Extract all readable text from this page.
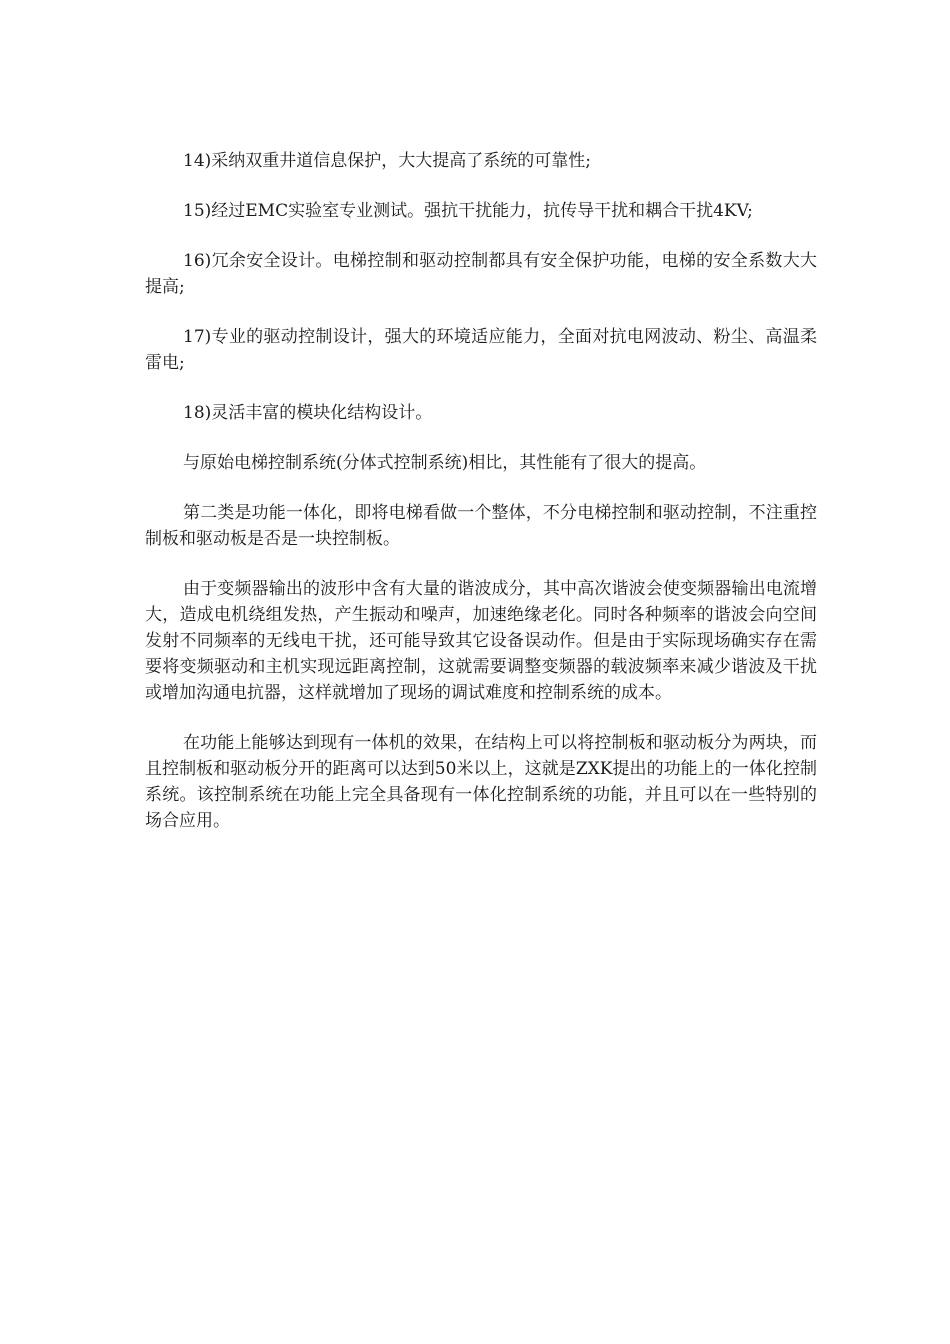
14)采纳双重井道信息保护，大大提高了系统的可靠性;

15)经过EMC实验室专业测试。强抗干扰能力，抗传导干扰和耦合干扰4KV;

16)冗余安全设计。电梯控制和驱动控制都具有安全保护功能，电梯的安全系数大大提高;

17)专业的驱动控制设计，强大的环境适应能力，全面对抗电网波动、粉尘、高温柔雷电;

18)灵活丰富的模块化结构设计。

与原始电梯控制系统(分体式控制系统)相比，其性能有了很大的提高。

第二类是功能一体化，即将电梯看做一个整体，不分电梯控制和驱动控制，不注重控制板和驱动板是否是一块控制板。

由于变频器输出的波形中含有大量的谐波成分，其中高次谐波会使变频器输出电流增大，造成电机绕组发热，产生振动和噪声，加速绝缘老化。同时各种频率的谐波会向空间发射不同频率的无线电干扰，还可能导致其它设备误动作。但是由于实际现场确实存在需要将变频驱动和主机实现远距离控制，这就需要调整变频器的载波频率来减少谐波及干扰或增加沟通电抗器，这样就增加了现场的调试难度和控制系统的成本。

在功能上能够达到现有一体机的效果，在结构上可以将控制板和驱动板分为两块，而且控制板和驱动板分开的距离可以达到50米以上，这就是ZXK提出的功能上的一体化控制系统。该控制系统在功能上完全具备现有一体化控制系统的功能，并且可以在一些特别的场合应用。
